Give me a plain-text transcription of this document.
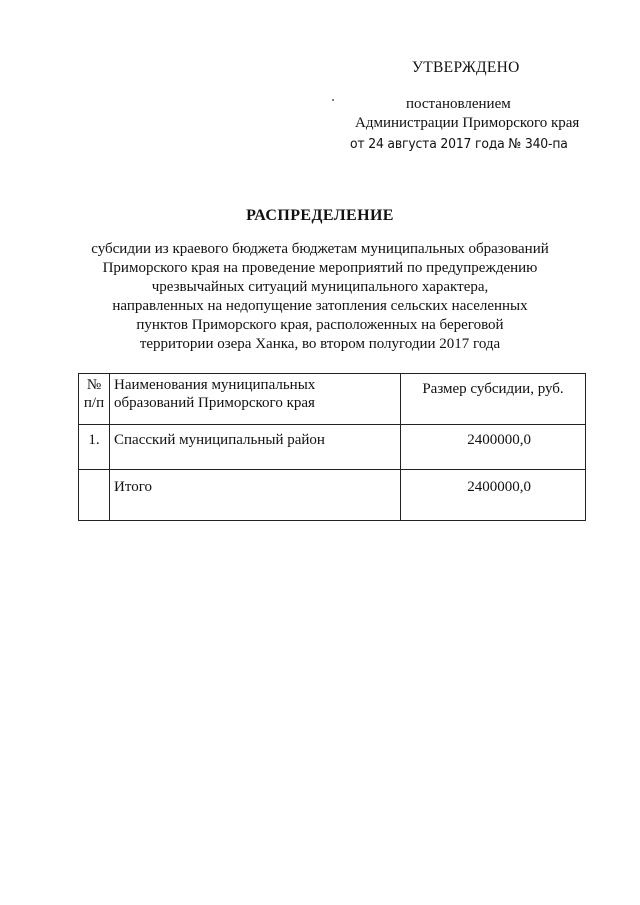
УТВЕРЖДЕНО
постановлением
Администрации Приморского края
от 24 августа 2017 года № 340-па
РАСПРЕДЕЛЕНИЕ
субсидии из краевого бюджета бюджетам муниципальных образований
Приморского края на проведение мероприятий по предупреждению
чрезвычайных ситуаций муниципального характера,
направленных на недопущение затопления сельских населенных
пунктов Приморского края, расположенных на береговой
территории озера Ханка, во втором полугодии 2017 года
№
п/п	Наименования муниципальных образований Приморского края	Размер субсидии, руб.
1.	Спасский муниципальный район	2400000,0
	Итого	2400000,0
